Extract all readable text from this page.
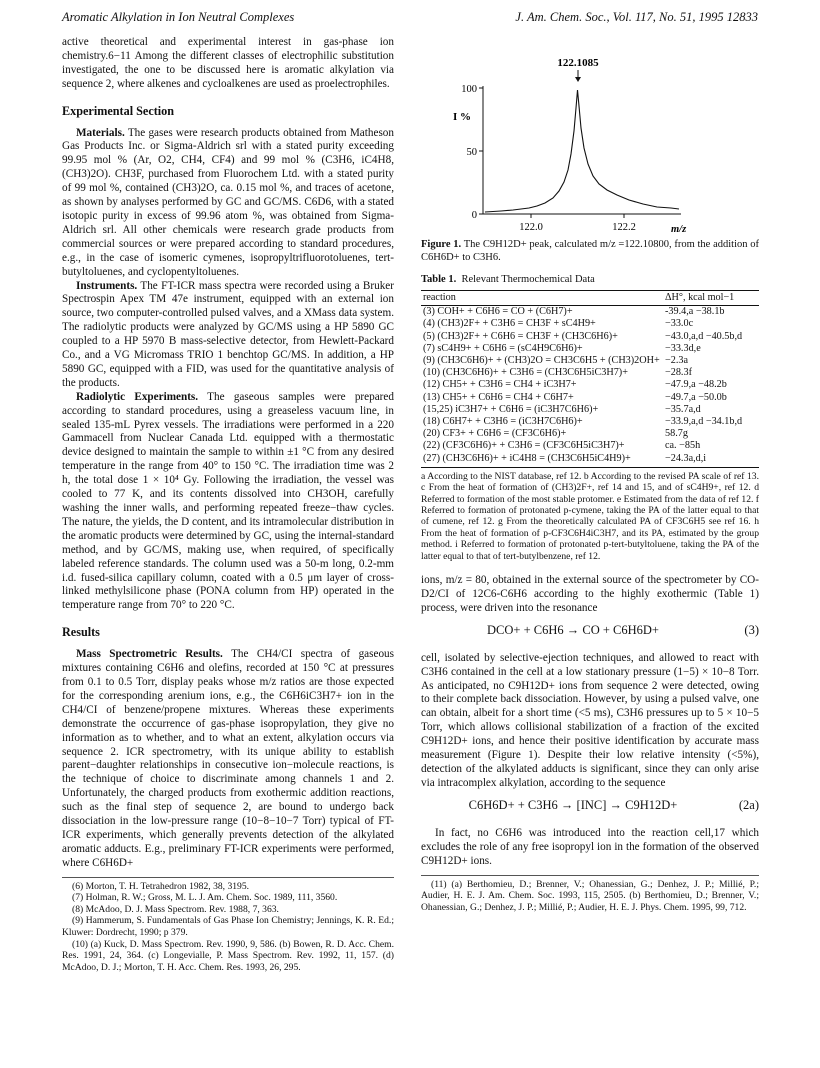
Aromatic Alkylation in Ion Neutral Complexes	J. Am. Chem. Soc., Vol. 117, No. 51, 1995 12833

active theoretical and experimental interest in gas-phase ion chemistry.6−11 Among the different classes of electrophilic substitution investigated, the one to be discussed here is aromatic alkylation via sequence 2, where alkenes and cycloalkenes are used as proelectrophiles.

Experimental Section

Materials. The gases were research products obtained from Matheson Gas Products Inc. or Sigma-Aldrich srl with a stated purity exceeding 99.95 mol % (Ar, O2, CH4, CF4) and 99 mol % (C3H6, iC4H8, (CH3)2O). CH3F, purchased from Fluorochem Ltd. with a stated purity of 99 mol %, contained (CH3)2O, ca. 0.15 mol %, and traces of acetone, as shown by analyses performed by GC and GC/MS. C6D6, with a stated isotopic purity in excess of 99.96 atom %, was obtained from Sigma-Aldrich srl. All other chemicals were research grade products from commercial sources or were prepared according to standard procedures, e.g., in the case of isomeric cymenes, isopropyltrifluorotoluenes, tert-butyltoluenes, and cyclopentyltoluenes.

Instruments. The FT-ICR mass spectra were recorded using a Bruker Spectrospin Apex TM 47e instrument, equipped with an external ion source, two computer-controlled pulsed valves, and a XMass data system. The radiolytic products were analyzed by GC/MS using a HP 5890 GC coupled to a HP 5970 B mass-selective detector, from Hewlett-Packard Co., and a VG Micromass TRIO 1 benchtop GC/MS. In addition, a HP 5890 GC, equipped with a FID, was used for the quantitative analysis of the products.

Radiolytic Experiments. The gaseous samples were prepared according to standard procedures, using a greaseless vacuum line, in sealed 135-mL Pyrex vessels. The irradiations were performed in a 220 Gammacell from Nuclear Canada Ltd. equipped with a thermostatic device designed to maintain the sample to within ±1 °C from any desired temperature in the range from 40° to 150 °C. The irradiation time was 2 h, the total dose 1 × 10⁴ Gy. Following the irradiation, the vessel was cooled to 77 K, and its contents dissolved into CH3OH, carefully washing the inner walls, and performing repeated freeze−thaw cycles. The nature, the yields, the D content, and its intramolecular distribution in the aromatic products were determined by GC, using the internal-standard method, and by GC/MS, making use, when required, of specifically labeled reference standards. The column used was a 50-m long, 0.2-mm i.d. fused-silica capillary column, coated with a 0.5 μm layer of cross-linked methylsilicone phase (PONA column from HP) operated in the temperature range from 70° to 220 °C.

Results

Mass Spectrometric Results. The CH4/CI spectra of gaseous mixtures containing C6H6 and olefins, recorded at 150 °C at pressures from 0.1 to 0.5 Torr, display peaks whose m/z ratios are those expected for the corresponding arenium ions, e.g., the C6H6iC3H7+ ion in the CH4/CI of benzene/propene mixtures. Whereas these experiments demonstrate the occurrence of gas-phase isopropylation, they give no information as to whether, and to what an extent, alkylation occurs via sequence 2. ICR spectrometry, with its unique ability to establish parent−daughter relationships in consecutive ion−molecule reactions, is the technique of choice to discriminate among channels 1 and 2. Unfortunately, the charged products from exothermic addition reactions, such as the final step of sequence 2, are bound to undergo back dissociation in the low-pressure range (10−8−10−7 Torr) typical of FT-ICR experiments, which generally prevents detection of the alkylated aromatic adducts. E.g., preliminary FT-ICR experiments were performed, where C6H6D+

(6) Morton, T. H. Tetrahedron 1982, 38, 3195.

(7) Holman, R. W.; Gross, M. L. J. Am. Chem. Soc. 1989, 111, 3560.

(8) McAdoo, D. J. Mass Spectrom. Rev. 1988, 7, 363.

(9) Hammerum, S. Fundamentals of Gas Phase Ion Chemistry; Jennings, K. R. Ed.; Kluwer: Dordrecht, 1990; p 379.

(10) (a) Kuck, D. Mass Spectrom. Rev. 1990, 9, 586. (b) Bowen, R. D. Acc. Chem. Res. 1991, 24, 364. (c) Longevialle, P. Mass Spectrom. Rev. 1992, 11, 157. (d) McAdoo, D. J.; Morton, T. H. Acc. Chem. Res. 1993, 26, 295.

122.1085
100
50
0
I %
122.0	122.2	m/z

Figure 1. The C9H12D+ peak, calculated m/z =122.10800, from the addition of C6H6D+ to C3H6.

Table 1. Relevant Thermochemical Data

reaction	ΔH°, kcal mol−1
(3) COH+ + C6H6 = CO + (C6H7)+	-39.4,a −38.1b
(4) (CH3)2F+ + C3H6 = CH3F + sC4H9+	−33.0c
(5) (CH3)2F+ + C6H6 = CH3F + (CH3C6H6)+	−43.0,a,d −40.5b,d
(7) sC4H9+ + C6H6 = (sC4H9C6H6)+	−33.3d,e
(9) (CH3C6H6)+ + (CH3)2O = CH3C6H5 + (CH3)2OH+	−2.3a
(10) (CH3C6H6)+ + C3H6 = (CH3C6H5iC3H7)+	−28.3f
(12) CH5+ + C3H6 = CH4 + iC3H7+	−47.9,a −48.2b
(13) CH5+ + C6H6 = CH4 + C6H7+	−49.7,a −50.0b
(15,25) iC3H7+ + C6H6 = (iC3H7C6H6)+	−35.7a,d
(18) C6H7+ + C3H6 = (iC3H7C6H6)+	−33.9,a,d −34.1b,d
(20) CF3+ + C6H6 = (CF3C6H6)+	58.7g
(22) (CF3C6H6)+ + C3H6 = (CF3C6H5iC3H7)+	ca. −85h
(27) (CH3C6H6)+ + iC4H8 = (CH3C6H5iC4H9)+	−24.3a,d,i

a According to the NIST database, ref 12. b According to the revised PA scale of ref 13. c From the heat of formation of (CH3)2F+, ref 14 and 15, and of sC4H9+, ref 12. d Referred to formation of the most stable protomer. e Estimated from the data of ref 12. f Referred to formation of protonated p-cymene, taking the PA of the latter equal to that of cumene, ref 12. g From the theoretically calculated PA of CF3C6H5 see ref 16. h From the heat of formation of p-CF3C6H4iC3H7, and its PA, estimated by the group method. i Referred to formation of protonated p-tert-butyltoluene, taking the PA of the latter equal to that of tert-butylbenzene, ref 12.

ions, m/z = 80, obtained in the external source of the spectrometer by CO-D2/CI of 12C6-C6H6 according to the highly exothermic (Table 1) process, were driven into the resonance

DCO+ + C6H6 → CO + C6H6D+	(3)

cell, isolated by selective-ejection techniques, and allowed to react with C3H6 contained in the cell at a low stationary pressure (1−5) × 10−8 Torr. As anticipated, no C9H12D+ ions from sequence 2 were detected, owing to their complete back dissociation. However, by using a pulsed valve, one can obtain, albeit for a short time (<5 ms), C3H6 pressures up to 5 × 10−5 Torr, which allows collisional stabilization of a fraction of the excited C9H12D+ ions, and hence their positive identification by accurate mass measurement (Figure 1). Despite their low relative intensity (<5%), detection of the alkylated adducts is significant, since they can only arise via intracomplex alkylation, according to the sequence

C6H6D+ + C3H6 → [INC] → C9H12D+	(2a)

In fact, no C6H6 was introduced into the reaction cell,17 which excludes the role of any free isopropyl ion in the formation of the observed C9H12D+ ions.

(11) (a) Berthomieu, D.; Brenner, V.; Ohanessian, G.; Denhez, J. P.; Millié, P.; Audier, H. E. J. Am. Chem. Soc. 1993, 115, 2505. (b) Berthomieu, D.; Brenner, V.; Ohanessian, G.; Denhez, J. P.; Millié, P.; Audier, H. E. J. Phys. Chem. 1995, 99, 712.
